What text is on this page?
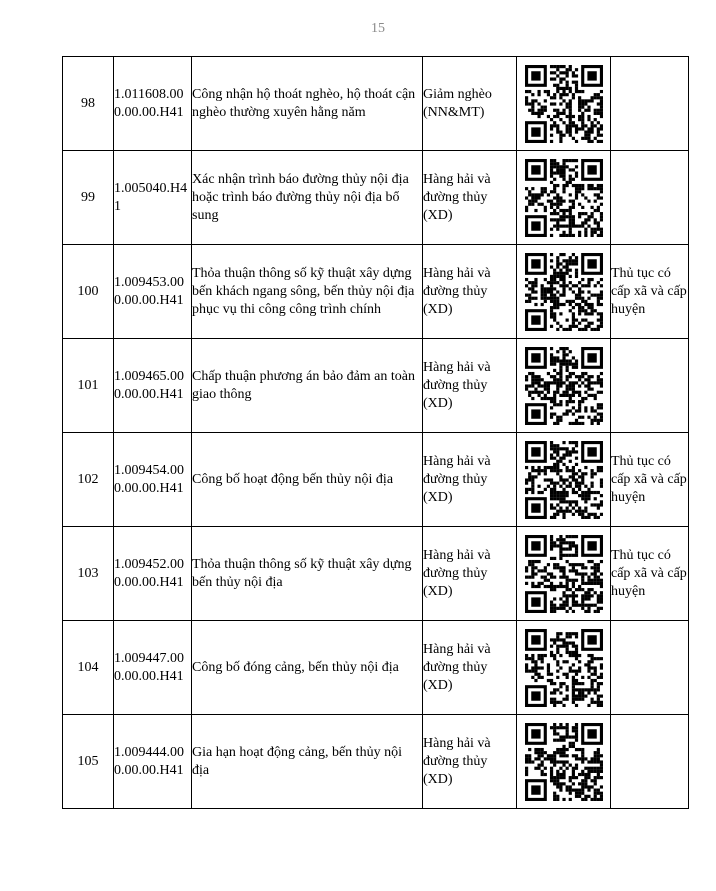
15
98	1.011608.000.00.00.H41	Công nhận hộ thoát nghèo, hộ thoát cận nghèo thường xuyên hằng năm	Giảm nghèo (NN&MT)	

99	1.005040.H41	Xác nhận trình báo đường thủy nội địa hoặc trình báo đường thủy nội địa bổ sung	Hàng hải và đường thủy (XD)	

100	1.009453.000.00.00.H41	Thỏa thuận thông số kỹ thuật xây dựng bến khách ngang sông, bến thủy nội địa phục vụ thi công công trình chính	Hàng hải và đường thủy (XD)		Thủ tục có cấp xã và cấp huyện
101	1.009465.000.00.00.H41	Chấp thuận phương án bảo đảm an toàn giao thông	Hàng hải và đường thủy (XD)	

102	1.009454.000.00.00.H41	Công bố hoạt động bến thủy nội địa	Hàng hải và đường thủy (XD)		Thủ tục có cấp xã và cấp huyện
103	1.009452.000.00.00.H41	Thỏa thuận thông số kỹ thuật xây dựng bến thủy nội địa	Hàng hải và đường thủy (XD)		Thủ tục có cấp xã và cấp huyện
104	1.009447.000.00.00.H41	Công bố đóng cảng, bến thủy nội địa	Hàng hải và đường thủy (XD)	

105	1.009444.000.00.00.H41	Gia hạn hoạt động cảng, bến thủy nội địa	Hàng hải và đường thủy (XD)	
